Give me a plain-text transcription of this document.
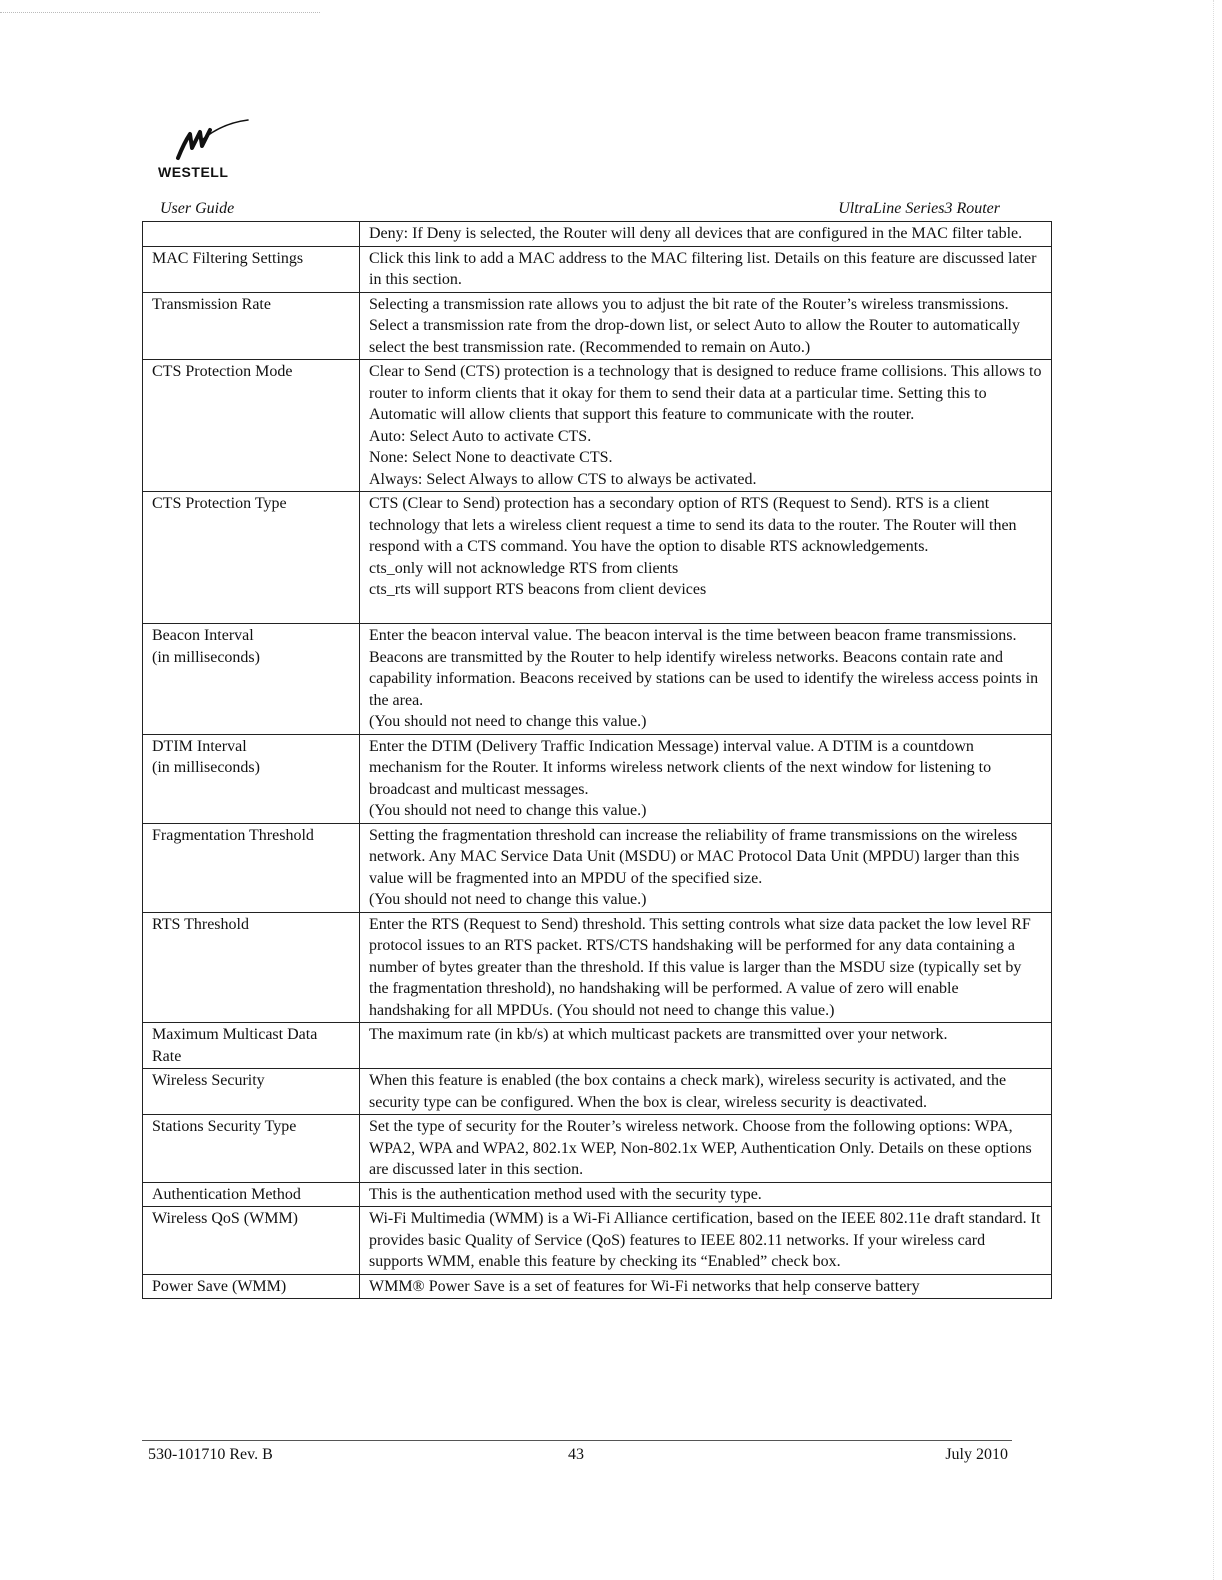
WESTELL
User Guide	UltraLine Series3 Router

	Deny: If Deny is selected, the Router will deny all devices that are configured in the MAC filter table.

MAC Filtering Settings	Click this link to add a MAC address to the MAC filtering list. Details on this feature are discussed later in this section.

Transmission Rate	Selecting a transmission rate allows you to adjust the bit rate of the Router’s wireless transmissions. Select a transmission rate from the drop-down list, or select Auto to allow the Router to automatically select the best transmission rate. (Recommended to remain on Auto.)

CTS Protection Mode	Clear to Send (CTS) protection is a technology that is designed to reduce frame collisions. This allows to router to inform clients that it okay for them to send their data at a particular time. Setting this to Automatic will allow clients that support this feature to communicate with the router.
Auto: Select Auto to activate CTS.
None: Select None to deactivate CTS.
Always: Select Always to allow CTS to always be activated.

CTS Protection Type	CTS (Clear to Send) protection has a secondary option of RTS (Request to Send). RTS is a client technology that lets a wireless client request a time to send its data to the router. The Router will then respond with a CTS command. You have the option to disable RTS acknowledgements.
cts_only will not acknowledge RTS from clients
cts_rts will support RTS beacons from client devices

Beacon Interval
(in milliseconds)	Enter the beacon interval value. The beacon interval is the time between beacon frame transmissions. Beacons are transmitted by the Router to help identify wireless networks. Beacons contain rate and capability information. Beacons received by stations can be used to identify the wireless access points in the area.
(You should not need to change this value.)

DTIM Interval
(in milliseconds)	Enter the DTIM (Delivery Traffic Indication Message) interval value. A DTIM is a countdown mechanism for the Router. It informs wireless network clients of the next window for listening to broadcast and multicast messages.
(You should not need to change this value.)

Fragmentation Threshold	Setting the fragmentation threshold can increase the reliability of frame transmissions on the wireless network. Any MAC Service Data Unit (MSDU) or MAC Protocol Data Unit (MPDU) larger than this value will be fragmented into an MPDU of the specified size.
(You should not need to change this value.)

RTS Threshold	Enter the RTS (Request to Send) threshold. This setting controls what size data packet the low level RF protocol issues to an RTS packet. RTS/CTS handshaking will be performed for any data containing a number of bytes greater than the threshold. If this value is larger than the MSDU size (typically set by the fragmentation threshold), no handshaking will be performed. A value of zero will enable handshaking for all MPDUs. (You should not need to change this value.)

Maximum Multicast Data Rate	The maximum rate (in kb/s) at which multicast packets are transmitted over your network.

Wireless Security	When this feature is enabled (the box contains a check mark), wireless security is activated, and the security type can be configured. When the box is clear, wireless security is deactivated.

Stations Security Type	Set the type of security for the Router’s wireless network. Choose from the following options: WPA, WPA2, WPA and WPA2, 802.1x WEP, Non-802.1x WEP, Authentication Only. Details on these options are discussed later in this section.

Authentication Method	This is the authentication method used with the security type.

Wireless QoS (WMM)	Wi-Fi Multimedia (WMM) is a Wi-Fi Alliance certification, based on the IEEE 802.11e draft standard. It provides basic Quality of Service (QoS) features to IEEE 802.11 networks. If your wireless card supports WMM, enable this feature by checking its “Enabled” check box.

Power Save (WMM)	WMM® Power Save is a set of features for Wi-Fi networks that help conserve battery
530-101710 Rev. B	43	July 2010
